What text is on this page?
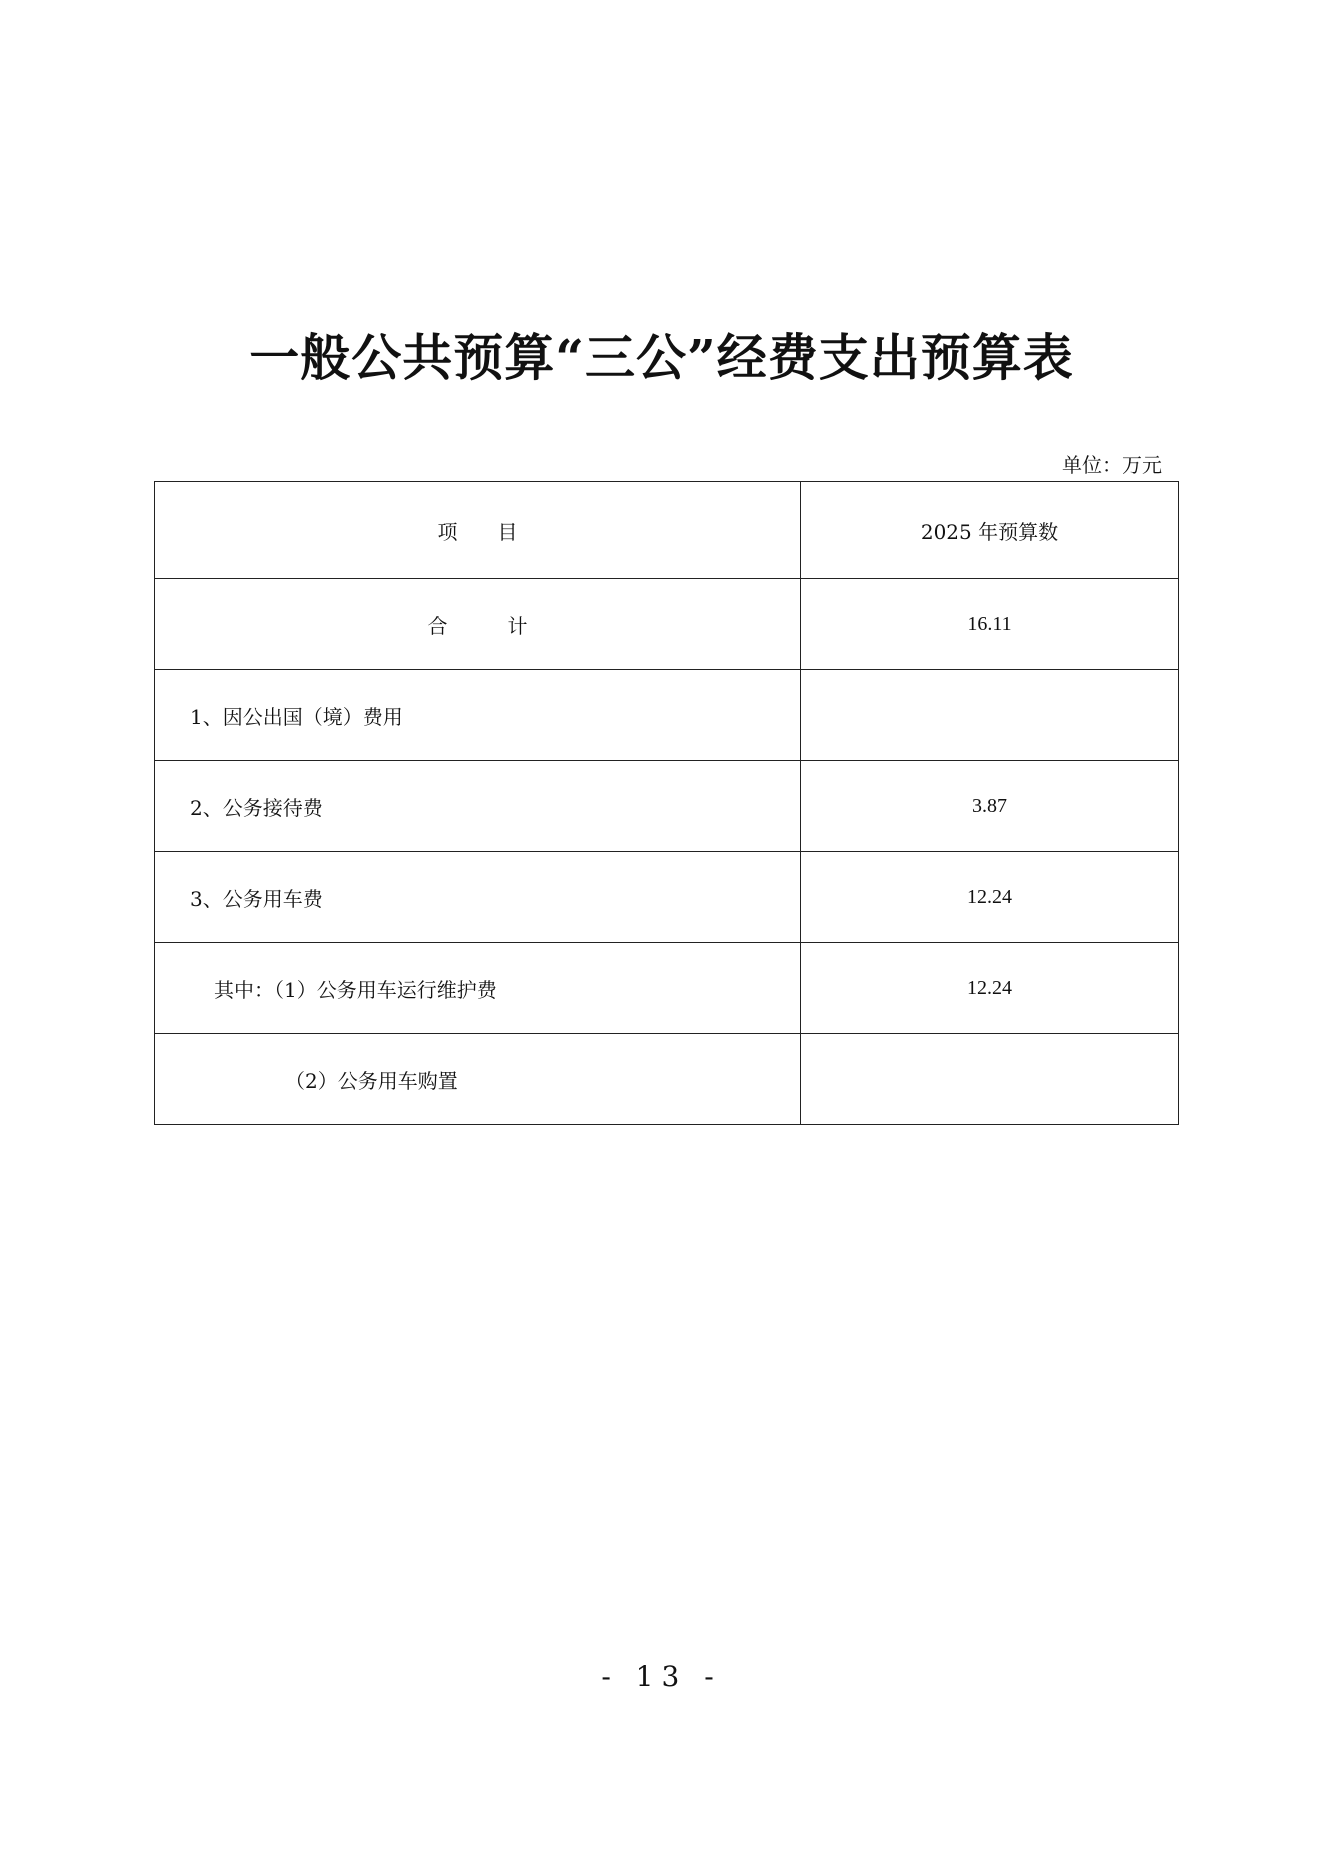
一般公共预算“三公”经费支出预算表
单位：万元
项目	2025 年预算数
合计	16.11
1、因公出国（境）费用	
2、公务接待费	3.87
3、公务用车费	12.24
其中：（1）公务用车运行维护费	12.24
（2）公务用车购置	
- 13 -
